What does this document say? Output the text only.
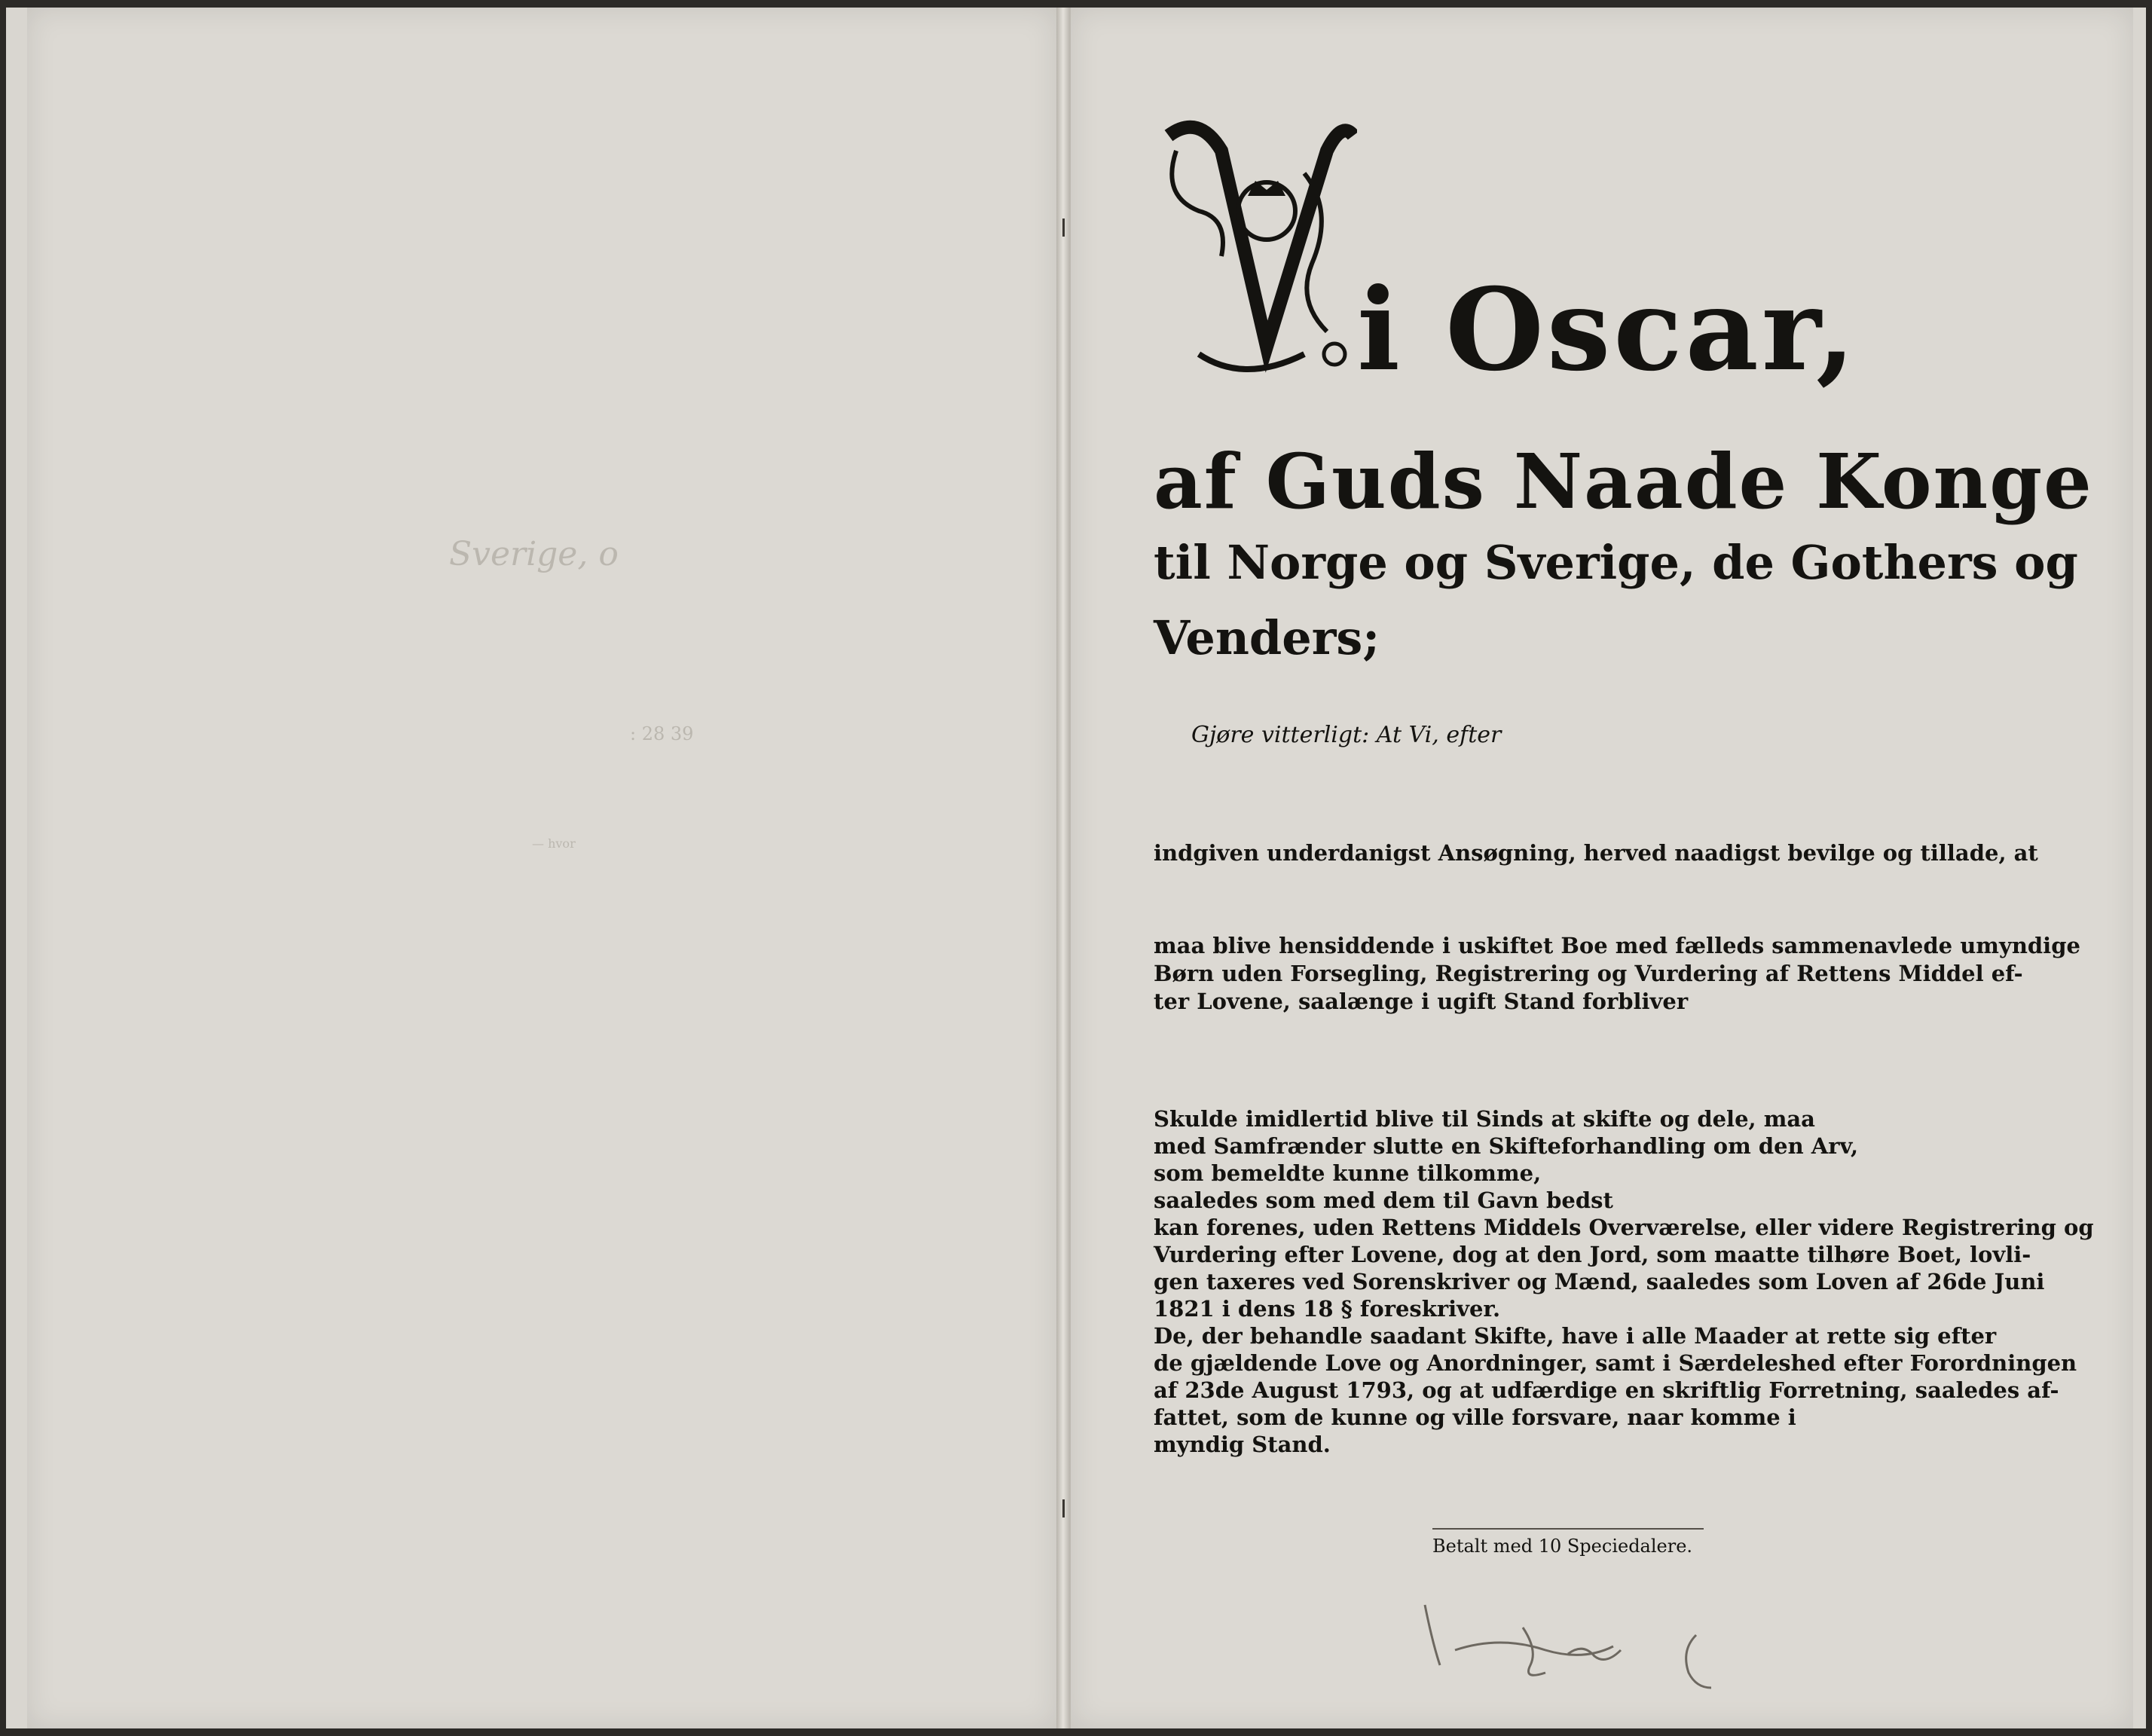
Sverige, o
: 28 39
— hvor
i Oscar,
af Guds Naade Konge
til Norge og Sverige, de Gothers og
Venders;
Gjøre vitterligt: At Vi, efter
indgiven underdanigst Ansøgning, herved naadigst bevilge og tillade, at
maa blive hensiddende i uskiftet Boe med fælleds sammenavlede umyndige
Børn uden Forsegling, Registrering og Vurdering af Rettens Middel ef-
ter Lovene, saalænge i ugift Stand forbliver
Skulde imidlertid blive til Sinds at skifte og dele, maa
med Samfrænder slutte en Skifteforhandling om den Arv,
som bemeldte kunne tilkomme,
saaledes som med dem til Gavn bedst
kan forenes, uden Rettens Middels Overværelse, eller videre Registrering og
Vurdering efter Lovene, dog at den Jord, som maatte tilhøre Boet, lovli-
gen taxeres ved Sorenskriver og Mænd, saaledes som Loven af 26de Juni
1821 i dens 18 § foreskriver.
De, der behandle saadant Skifte, have i alle Maader at rette sig efter
de gjældende Love og Anordninger, samt i Særdeleshed efter Forordningen
af 23de August 1793, og at udfærdige en skriftlig Forretning, saaledes af-
fattet, som de kunne og ville forsvare, naar komme i
myndig Stand.
Betalt med 10 Speciedalere.
